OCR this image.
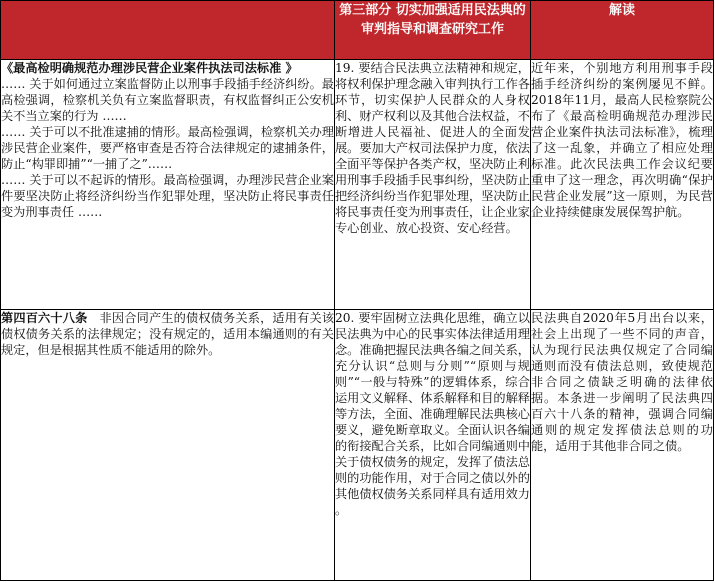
	第三部分 切实加强适用民法典的
审判指导和调查研究工作	解读

《最高检明确规范办理涉民营企业案件执法司法标准 》

…… 关于如何通过立案监督防止以刑事手段插手经济纠纷。最高检强调，检察机关负有立案监督职责，有权监督纠正公安机关不当立案的行为 ……

…… 关于可以不批准逮捕的情形。最高检强调，检察机关办理涉民营企业案件，要严格审查是否符合法律规定的逮捕条件，防止“构罪即捕”“一捕了之”……

…… 关于可以不起诉的情形。最高检强调，办理涉民营企业案件要坚决防止将经济纠纷当作犯罪处理，坚决防止将民事责任变为刑事责任 ……	19. 要结合民法典立法精神和规定，将权利保护理念融入审判执行工作各环节，切实保护人民群众的人身权利、财产权利以及其他合法权益，不断增进人民福祉、促进人的全面发展。要加大产权司法保护力度，依法全面平等保护各类产权，坚决防止利用刑事手段插手民事纠纷，坚决防止把经济纠纷当作犯罪处理，坚决防止将民事责任变为刑事责任，让企业家专心创业、放心投资、安心经营。	近年来，个别地方利用刑事手段插手经济纠纷的案例屡见不鲜。2018年11月，最高人民检察院公布了《最高检明确规范办理涉民营企业案件执法司法标准》，梳理了这一乱象，并确立了相应处理标准。此次民法典工作会议纪要重申了这一理念，再次明确“保护民营企业发展”这一原则，为民营企业持续健康发展保驾护航。

第四百六十八条 非因合同产生的债权债务关系，适用有关该债权债务关系的法律规定；没有规定的，适用本编通则的有关规定，但是根据其性质不能适用的除外。	20. 要牢固树立法典化思维，确立以民法典为中心的民事实体法律适用理念。准确把握民法典各编之间关系，充分认识“总则与分则”“原则与规则”“一般与特殊”的逻辑体系，综合运用文义解释、体系解释和目的解释等方法，全面、准确理解民法典核心要义，避免断章取义。全面认识各编的衔接配合关系，比如合同编通则中关于债权债务的规定，发挥了债法总则的功能作用，对于合同之债以外的其他债权债务关系同样具有适用效力 。	民法典自2020年5月出台以来，社会上出现了一些不同的声音，认为现行民法典仅规定了合同编通则而没有债法总则，致使规范非合同之债缺乏明确的法律依据。本条进一步阐明了民法典四百六十八条的精神，强调合同编通则的规定发挥债法总则的功能，适用于其他非合同之债。
